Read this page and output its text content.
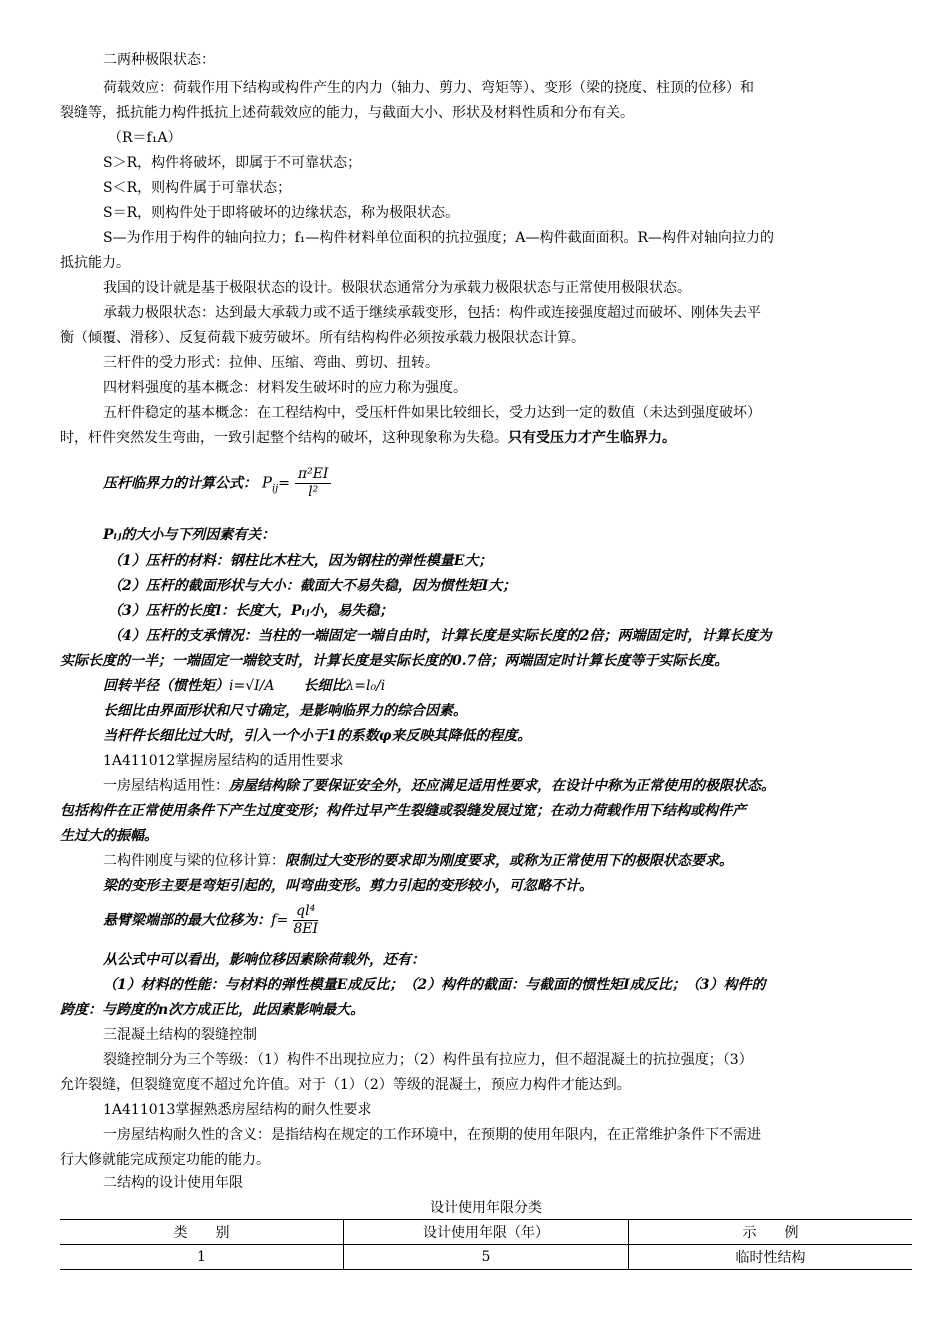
二两种极限状态：
荷载效应：荷载作用下结构或构件产生的内力（轴力、剪力、弯矩等）、变形（梁的挠度、柱顶的位移）和
裂缝等，抵抗能力构件抵抗上述荷载效应的能力，与截面大小、形状及材料性质和分布有关。
（R＝f₁A）
S＞R，构件将破坏，即属于不可靠状态；
S＜R，则构件属于可靠状态；
S＝R，则构件处于即将破坏的边缘状态，称为极限状态。
S—为作用于构件的轴向拉力；f₁—构件材料单位面积的抗拉强度；A—构件截面面积。R—构件对轴向拉力的
抵抗能力。
我国的设计就是基于极限状态的设计。极限状态通常分为承载力极限状态与正常使用极限状态。
承载力极限状态：达到最大承载力或不适于继续承载变形，包括：构件或连接强度超过而破坏、刚体失去平
衡（倾覆、滑移）、反复荷载下疲劳破坏。所有结构构件必须按承载力极限状态计算。
三杆件的受力形式：拉伸、压缩、弯曲、剪切、扭转。
四材料强度的基本概念：材料发生破坏时的应力称为强度。
五杆件稳定的基本概念：在工程结构中，受压杆件如果比较细长，受力达到一定的数值（未达到强度破坏）
时，杆件突然发生弯曲，一致引起整个结构的破坏，这种现象称为失稳。只有受压力才产生临界力。
压杆临界力的计算公式： $P_{ij}= \frac{\text{π²EI}}{\text{l²}}$
Pᵢⱼ的大小与下列因素有关：
（1）压杆的材料：钢柱比木柱大，因为钢柱的弹性模量E大；
（2）压杆的截面形状与大小：截面大不易失稳，因为惯性矩I大；
（3）压杆的长度l：长度大，Pᵢⱼ小，易失稳；
（4）压杆的支承情况：当柱的一端固定一端自由时，计算长度是实际长度的2倍；两端固定时，计算长度为
实际长度的一半；一端固定一端铰支时，计算长度是实际长度的0.7倍；两端固定时计算长度等于实际长度。
回转半径（惯性矩）i=√I/A 长细比λ=l₀/i
长细比由界面形状和尺寸确定，是影响临界力的综合因素。
当杆件长细比过大时，引入一个小于1的系数φ来反映其降低的程度。
1A411012掌握房屋结构的适用性要求
一房屋结构适用性：房屋结构除了要保证安全外，还应满足适用性要求，在设计中称为正常使用的极限状态。
包括构件在正常使用条件下产生过度变形；构件过早产生裂缝或裂缝发展过宽；在动力荷载作用下结构或构件产
生过大的振幅。
二构件刚度与梁的位移计算：限制过大变形的要求即为刚度要求，或称为正常使用下的极限状态要求。
梁的变形主要是弯矩引起的，叫弯曲变形。剪力引起的变形较小，可忽略不计。
悬臂梁端部的最大位移为：$f= \frac{\text{ql⁴}}{8EI}$
从公式中可以看出，影响位移因素除荷载外，还有：
（1）材料的性能：与材料的弹性模量E成反比；（2）构件的截面：与截面的惯性矩I成反比；（3）构件的
跨度：与跨度的n次方成正比，此因素影响最大。
三混凝土结构的裂缝控制
裂缝控制分为三个等级：（1）构件不出现拉应力；（2）构件虽有拉应力，但不超混凝土的抗拉强度；（3）
允许裂缝，但裂缝宽度不超过允许值。对于（1）（2）等级的混凝土，预应力构件才能达到。
1A411013掌握熟悉房屋结构的耐久性要求
一房屋结构耐久性的含义：是指结构在规定的工作环境中，在预期的使用年限内，在正常维护条件下不需进
行大修就能完成预定功能的能力。
二结构的设计使用年限
设计使用年限分类
类　　别	设计使用年限（年）	示　　例
1	5	临时性结构
